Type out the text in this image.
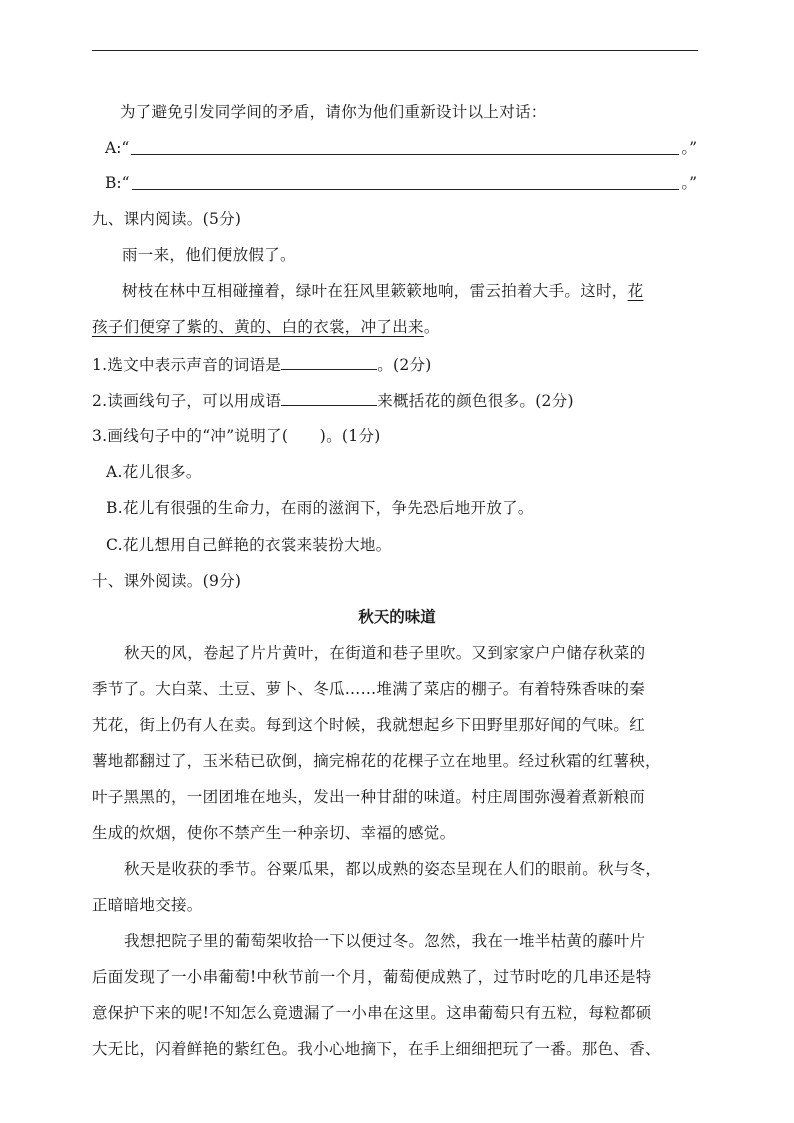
为了避免引发同学间的矛盾，请你为他们重新设计以上对话：
A: “	。”
B: “	。”
九、课内阅读。(5分)
雨一来，他们便放假了。
树枝在林中互相碰撞着，绿叶在狂风里簌簌地响，雷云拍着大手。这时，花
孩子们便穿了紫的、黄的、白的衣裳，冲了出来。
1.选文中表示声音的词语是	。(2分)
2.读画线句子，可以用成语	来概括花的颜色很多。(2分)
3.画线句子中的“冲”说明了(　　)。(1分)
A.花儿很多。
B.花儿有很强的生命力，在雨的滋润下，争先恐后地开放了。
C.花儿想用自己鲜艳的衣裳来装扮大地。
十、课外阅读。(9分)
秋天的味道
秋天的风，卷起了片片黄叶，在街道和巷子里吹。又到家家户户储存秋菜的
季节了。大白菜、土豆、萝卜、冬瓜……堆满了菜店的棚子。有着特殊香味的秦
艽花，街上仍有人在卖。每到这个时候，我就想起乡下田野里那好闻的气味。红
薯地都翻过了，玉米秸已砍倒，摘完棉花的花棵子立在地里。经过秋霜的红薯秧，
叶子黑黑的，一团团堆在地头，发出一种甘甜的味道。村庄周围弥漫着煮新粮而
生成的炊烟，使你不禁产生一种亲切、幸福的感觉。
秋天是收获的季节。谷粟瓜果，都以成熟的姿态呈现在人们的眼前。秋与冬，
正暗暗地交接。
我想把院子里的葡萄架收拾一下以便过冬。忽然，我在一堆半枯黄的藤叶片
后面发现了一小串葡萄!中秋节前一个月，葡萄便成熟了，过节时吃的几串还是特
意保护下来的呢!不知怎么竟遗漏了一小串在这里。这串葡萄只有五粒，每粒都硕
大无比，闪着鲜艳的紫红色。我小心地摘下，在手上细细把玩了一番。那色、香、
